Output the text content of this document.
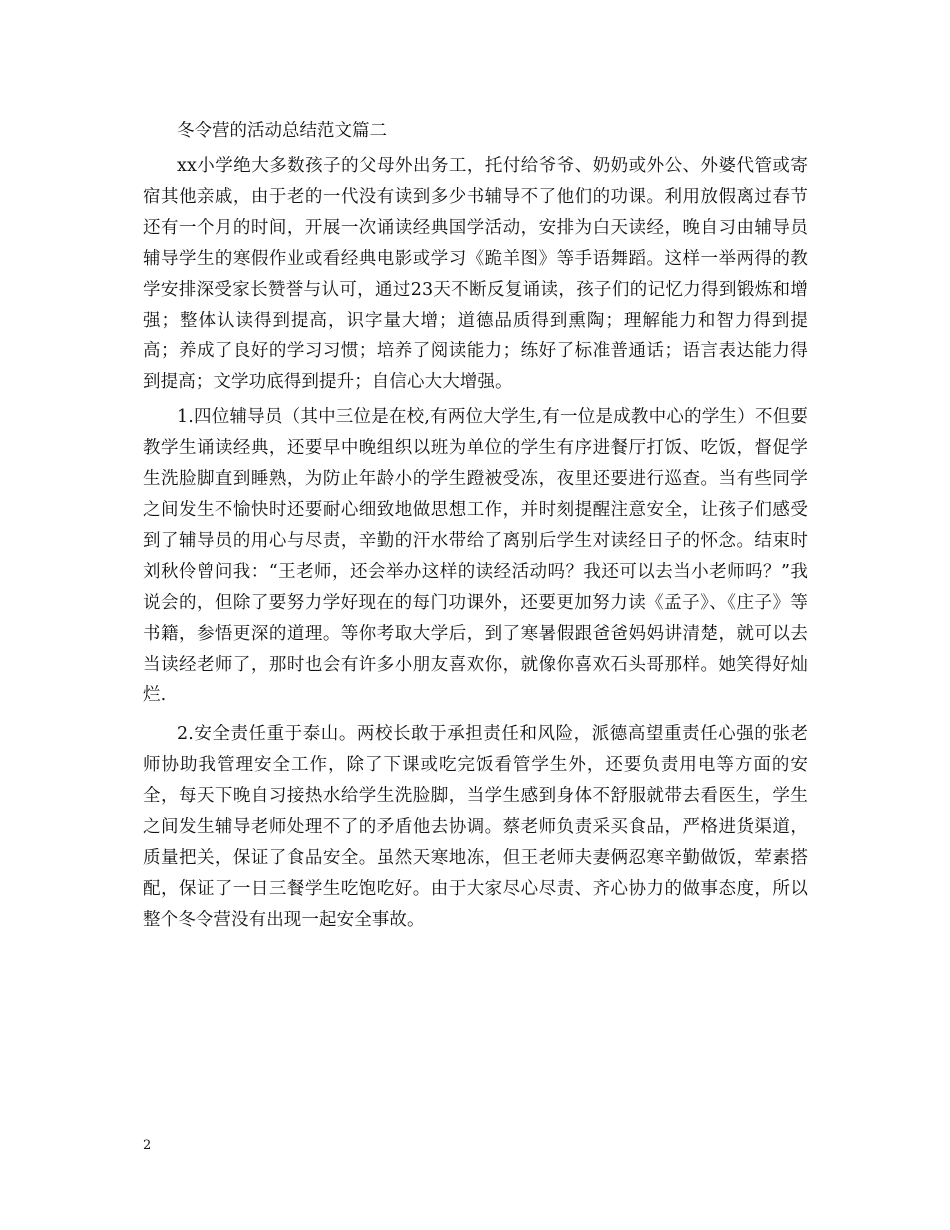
冬令营的活动总结范文篇二

xx小学绝大多数孩子的父母外出务工，托付给爷爷、奶奶或外公、外婆代管或寄宿其他亲戚，由于老的一代没有读到多少书辅导不了他们的功课。利用放假离过春节还有一个月的时间，开展一次诵读经典国学活动，安排为白天读经，晚自习由辅导员辅导学生的寒假作业或看经典电影或学习《跪羊图》等手语舞蹈。这样一举两得的教学安排深受家长赞誉与认可，通过23天不断反复诵读，孩子们的记忆力得到锻炼和增强；整体认读得到提高，识字量大增；道德品质得到熏陶；理解能力和智力得到提高；养成了良好的学习习惯；培养了阅读能力；练好了标准普通话；语言表达能力得到提高；文学功底得到提升；自信心大大增强。

1.四位辅导员（其中三位是在校,有两位大学生,有一位是成教中心的学生）不但要教学生诵读经典，还要早中晚组织以班为单位的学生有序进餐厅打饭、吃饭，督促学生洗脸脚直到睡熟，为防止年龄小的学生蹬被受冻，夜里还要进行巡查。当有些同学之间发生不愉快时还要耐心细致地做思想工作，并时刻提醒注意安全，让孩子们感受到了辅导员的用心与尽责，辛勤的汗水带给了离别后学生对读经日子的怀念。结束时刘秋伶曾问我：“王老师，还会举办这样的读经活动吗？我还可以去当小老师吗？”我说会的，但除了要努力学好现在的每门功课外，还要更加努力读《孟子》、《庄子》等书籍，参悟更深的道理。等你考取大学后，到了寒暑假跟爸爸妈妈讲清楚，就可以去当读经老师了，那时也会有许多小朋友喜欢你，就像你喜欢石头哥那样。她笑得好灿烂.

2.安全责任重于泰山。两校长敢于承担责任和风险，派德高望重责任心强的张老师协助我管理安全工作，除了下课或吃完饭看管学生外，还要负责用电等方面的安全，每天下晚自习接热水给学生洗脸脚，当学生感到身体不舒服就带去看医生，学生之间发生辅导老师处理不了的矛盾他去协调。蔡老师负责采买食品，严格进货渠道，质量把关，保证了食品安全。虽然天寒地冻，但王老师夫妻俩忍寒辛勤做饭，荤素搭配，保证了一日三餐学生吃饱吃好。由于大家尽心尽责、齐心协力的做事态度，所以整个冬令营没有出现一起安全事故。

2
